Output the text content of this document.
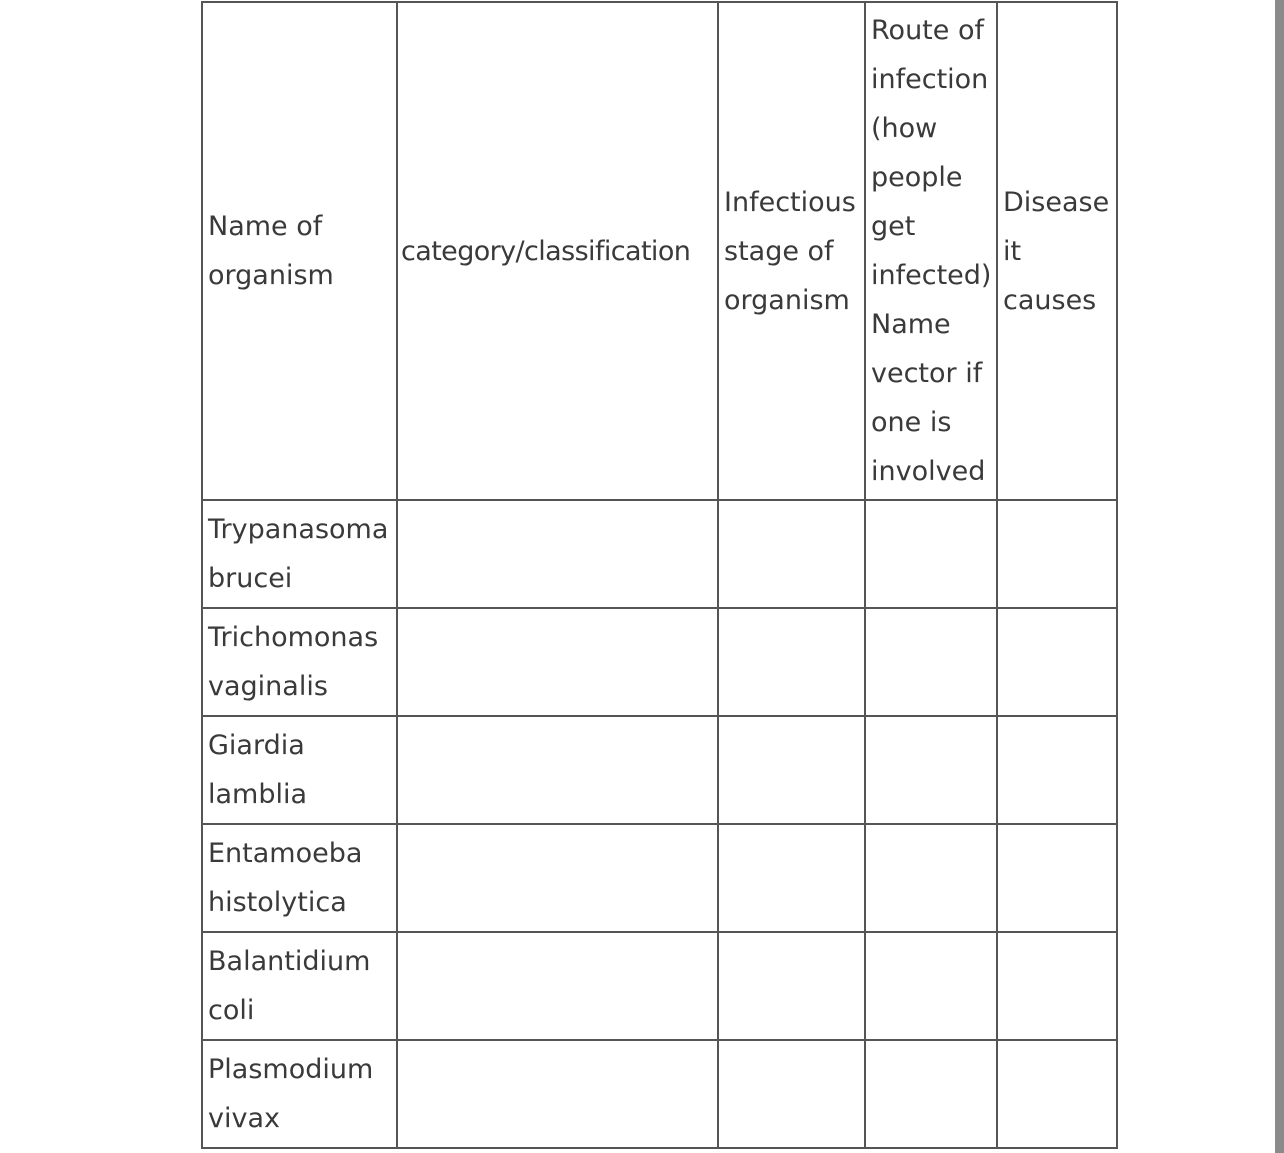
Name of organism	category/classification	Infectious stage of organism	Route of infection (how people get infected) Name vector if one is involved	Disease it causes
Trypanasoma brucei				
Trichomonas vaginalis				
Giardia lamblia				
Entamoeba histolytica				
Balantidium coli				
Plasmodium vivax				
